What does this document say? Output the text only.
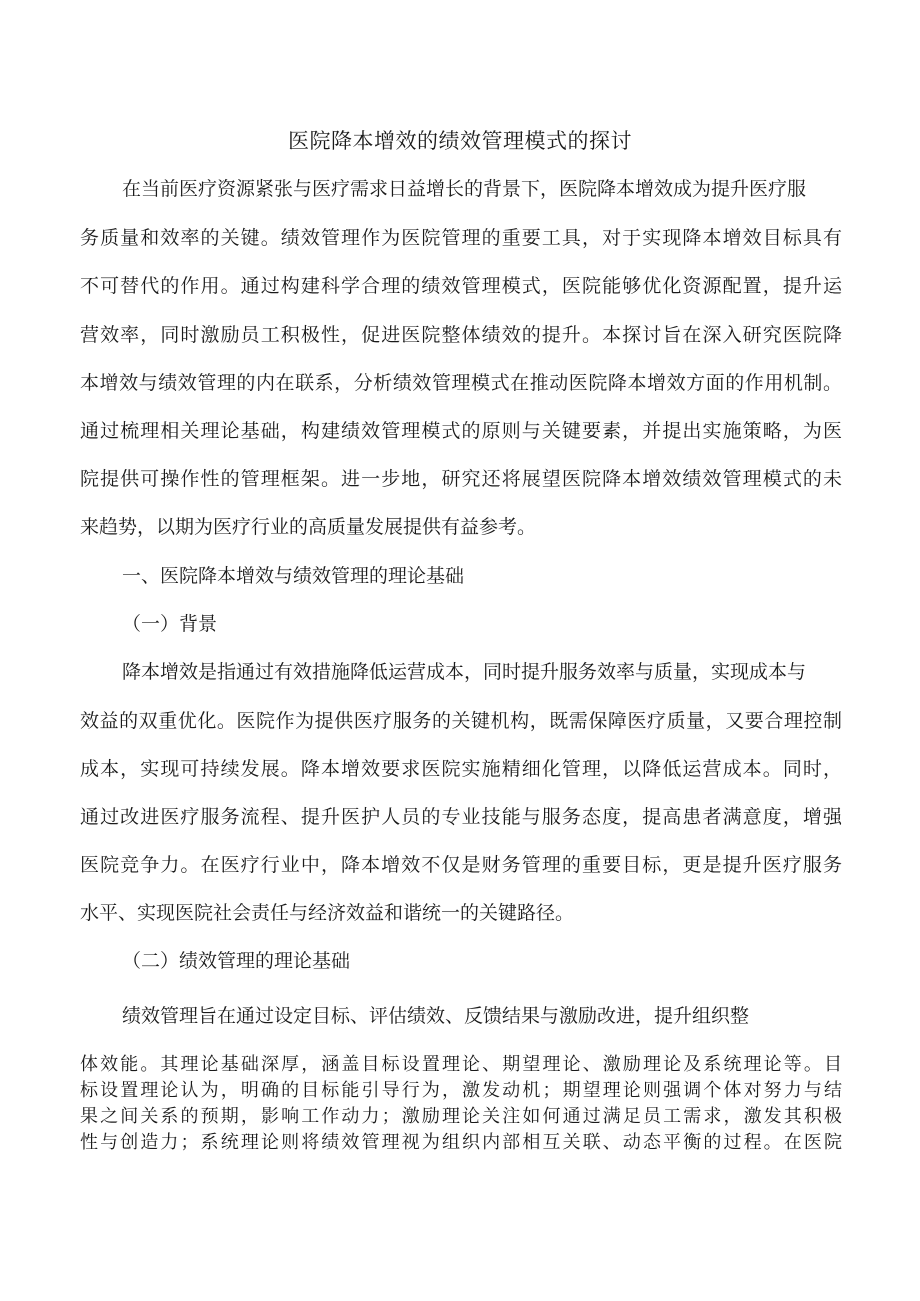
医院降本增效的绩效管理模式的探讨

在当前医疗资源紧张与医疗需求日益增长的背景下，医院降本增效成为提升医疗服

务质量和效率的关键。绩效管理作为医院管理的重要工具，对于实现降本增效目标具有

不可替代的作用。通过构建科学合理的绩效管理模式，医院能够优化资源配置，提升运

营效率，同时激励员工积极性，促进医院整体绩效的提升。本探讨旨在深入研究医院降

本增效与绩效管理的内在联系，分析绩效管理模式在推动医院降本增效方面的作用机制。

通过梳理相关理论基础，构建绩效管理模式的原则与关键要素，并提出实施策略，为医

院提供可操作性的管理框架。进一步地，研究还将展望医院降本增效绩效管理模式的未

来趋势，以期为医疗行业的高质量发展提供有益参考。

一、医院降本增效与绩效管理的理论基础

（一）背景

降本增效是指通过有效措施降低运营成本，同时提升服务效率与质量，实现成本与

效益的双重优化。医院作为提供医疗服务的关键机构，既需保障医疗质量，又要合理控制

成本，实现可持续发展。降本增效要求医院实施精细化管理，以降低运营成本。同时，

通过改进医疗服务流程、提升医护人员的专业技能与服务态度，提高患者满意度，增强

医院竞争力。在医疗行业中，降本增效不仅是财务管理的重要目标，更是提升医疗服务

水平、实现医院社会责任与经济效益和谐统一的关键路径。

（二）绩效管理的理论基础

绩效管理旨在通过设定目标、评估绩效、反馈结果与激励改进，提升组织整

体效能。其理论基础深厚，涵盖目标设置理论、期望理论、激励理论及系统理论等。目

标设置理论认为，明确的目标能引导行为，激发动机；期望理论则强调个体对努力与结

果之间关系的预期，影响工作动力；激励理论关注如何通过满足员工需求，激发其积极

性与创造力；系统理论则将绩效管理视为组织内部相互关联、动态平衡的过程。在医院
